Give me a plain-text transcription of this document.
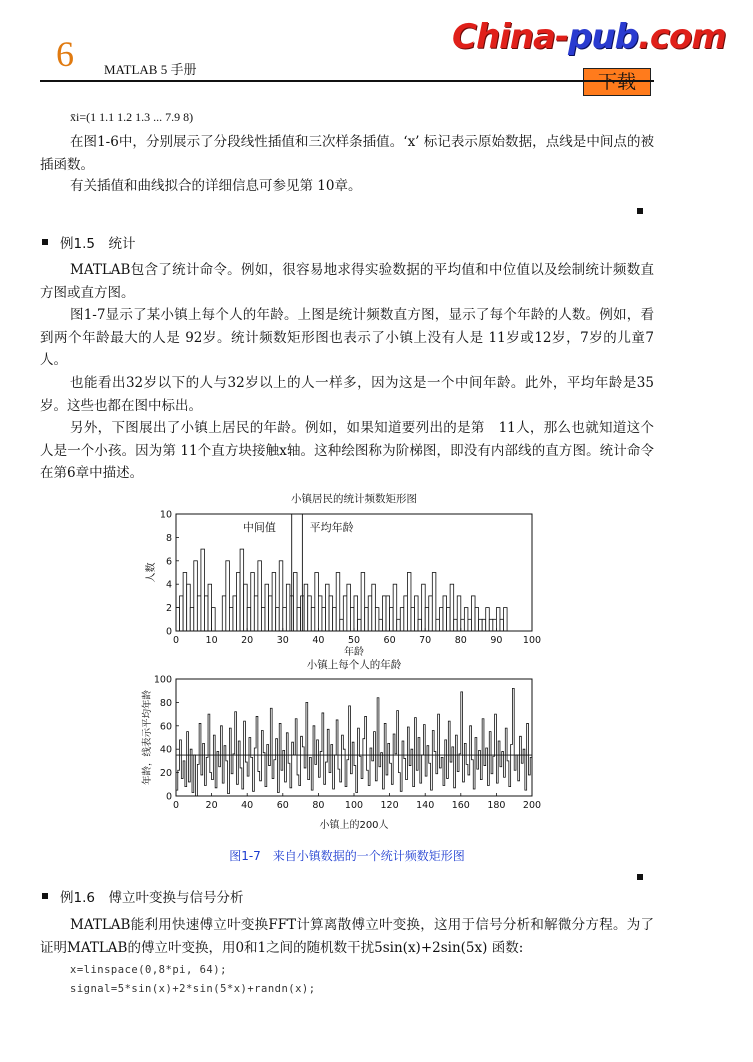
6 MATLAB 5 手册
China-pub.com
下载
x̄i=(1 1.1 1.2 1.3 ... 7.9 8)
在图1-6中，分别展示了分段线性插值和三次样条插值。‘x’ 标记表示原始数据，点线是中间点的被插函数。
有关插值和曲线拟合的详细信息可参见第 10章。
例1.5　统计
MATLAB包含了统计命令。例如，很容易地求得实验数据的平均值和中位值以及绘制统计频数直方图或直方图。
图1-7显示了某小镇上每个人的年龄。上图是统计频数直方图，显示了每个年龄的人数。例如，看到两个年龄最大的人是 92岁。统计频数矩形图也表示了小镇上没有人是 11岁或12岁，7岁的儿童7人。
也能看出32岁以下的人与32岁以上的人一样多，因为这是一个中间年龄。此外，平均年龄是35岁。这些也都在图中标出。
另外，下图展出了小镇上居民的年龄。例如，如果知道要列出的是第　11人，那么也就知道这个人是一个小孩。因为第 11个直方块接触x轴。这种绘图称为阶梯图，即没有内部线的直方图。统计命令在第6章中描述。
小镇居民的统计频数矩形图
中间值	平均年龄
0	10 20 30 40 50 60 70 80 90 100
0
2
4
6
8
10
年龄
人数
小镇上每个人的年龄
0	20 40 60 80 100 120 140 160 180 200
0
20
40
60
80
100
小镇上的200人
年龄，线表示平均年龄
图1-7　来自小镇数据的一个统计频数矩形图
例1.6　傅立叶变换与信号分析
MATLAB能利用快速傅立叶变换FFT计算离散傅立叶变换，这用于信号分析和解微分方程。为了证明MATLAB的傅立叶变换，用0和1之间的随机数干扰5sin(x)+2sin(5x) 函数:
x=linspace(0,8*pi, 64);
signal=5*sin(x)+2*sin(5*x)+randn(x);
